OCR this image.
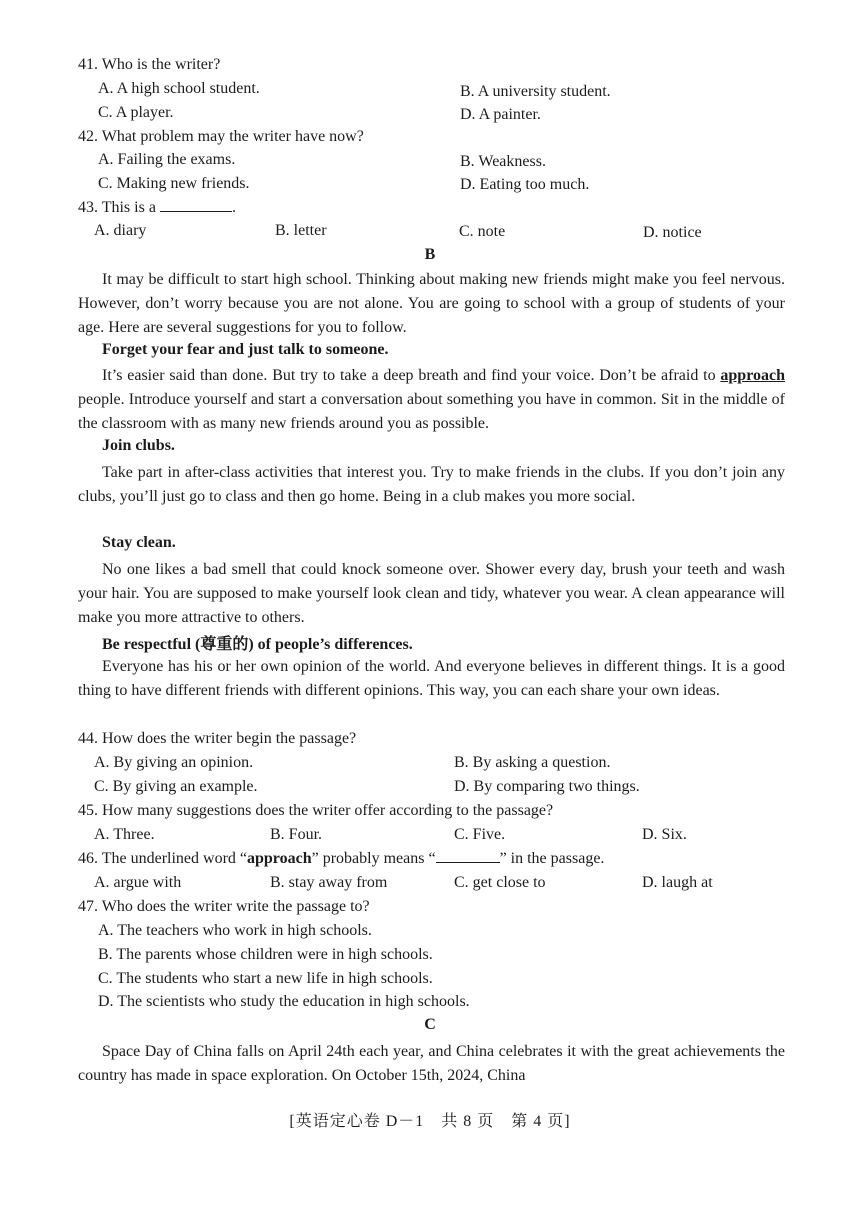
41. Who is the writer?
A. A high school student.	B. A university student.
C. A player.	D. A painter.
42. What problem may the writer have now?
A. Failing the exams.	B. Weakness.
C. Making new friends.	D. Eating too much.
43. This is a	.
A. diary	B. letter	C. note	D. notice
B
It may be difficult to start high school. Thinking about making new friends might make you feel nervous. However, don’t worry because you are not alone. You are going to school with a group of students of your age. Here are several suggestions for you to follow.
Forget your fear and just talk to someone.
It’s easier said than done. But try to take a deep breath and find your voice. Don’t be afraid to approach people. Introduce yourself and start a conversation about something you have in common. Sit in the middle of the classroom with as many new friends around you as possible.
Join clubs.
Take part in after-class activities that interest you. Try to make friends in the clubs. If you don’t join any clubs, you’ll just go to class and then go home. Being in a club makes you more social.
Stay clean.
No one likes a bad smell that could knock someone over. Shower every day, brush your teeth and wash your hair. You are supposed to make yourself look clean and tidy, whatever you wear. A clean appearance will make you more attractive to others.
Be respectful (尊重的) of people’s differences.
Everyone has his or her own opinion of the world. And everyone believes in different things. It is a good thing to have different friends with different opinions. This way, you can each share your own ideas.
44. How does the writer begin the passage?
A. By giving an opinion.	B. By asking a question.
C. By giving an example.	D. By comparing two things.
45. How many suggestions does the writer offer according to the passage?
A. Three.	B. Four.	C. Five.	D. Six.
46. The underlined word “approach” probably means “	” in the passage.
A. argue with	B. stay away from	C. get close to	D. laugh at
47. Who does the writer write the passage to?
A. The teachers who work in high schools.
B. The parents whose children were in high schools.
C. The students who start a new life in high schools.
D. The scientists who study the education in high schools.
C
Space Day of China falls on April 24th each year, and China celebrates it with the great achievements the country has made in space exploration. On October 15th, 2024, China
[英语定心卷 D－1　共 8 页　第 4 页]
